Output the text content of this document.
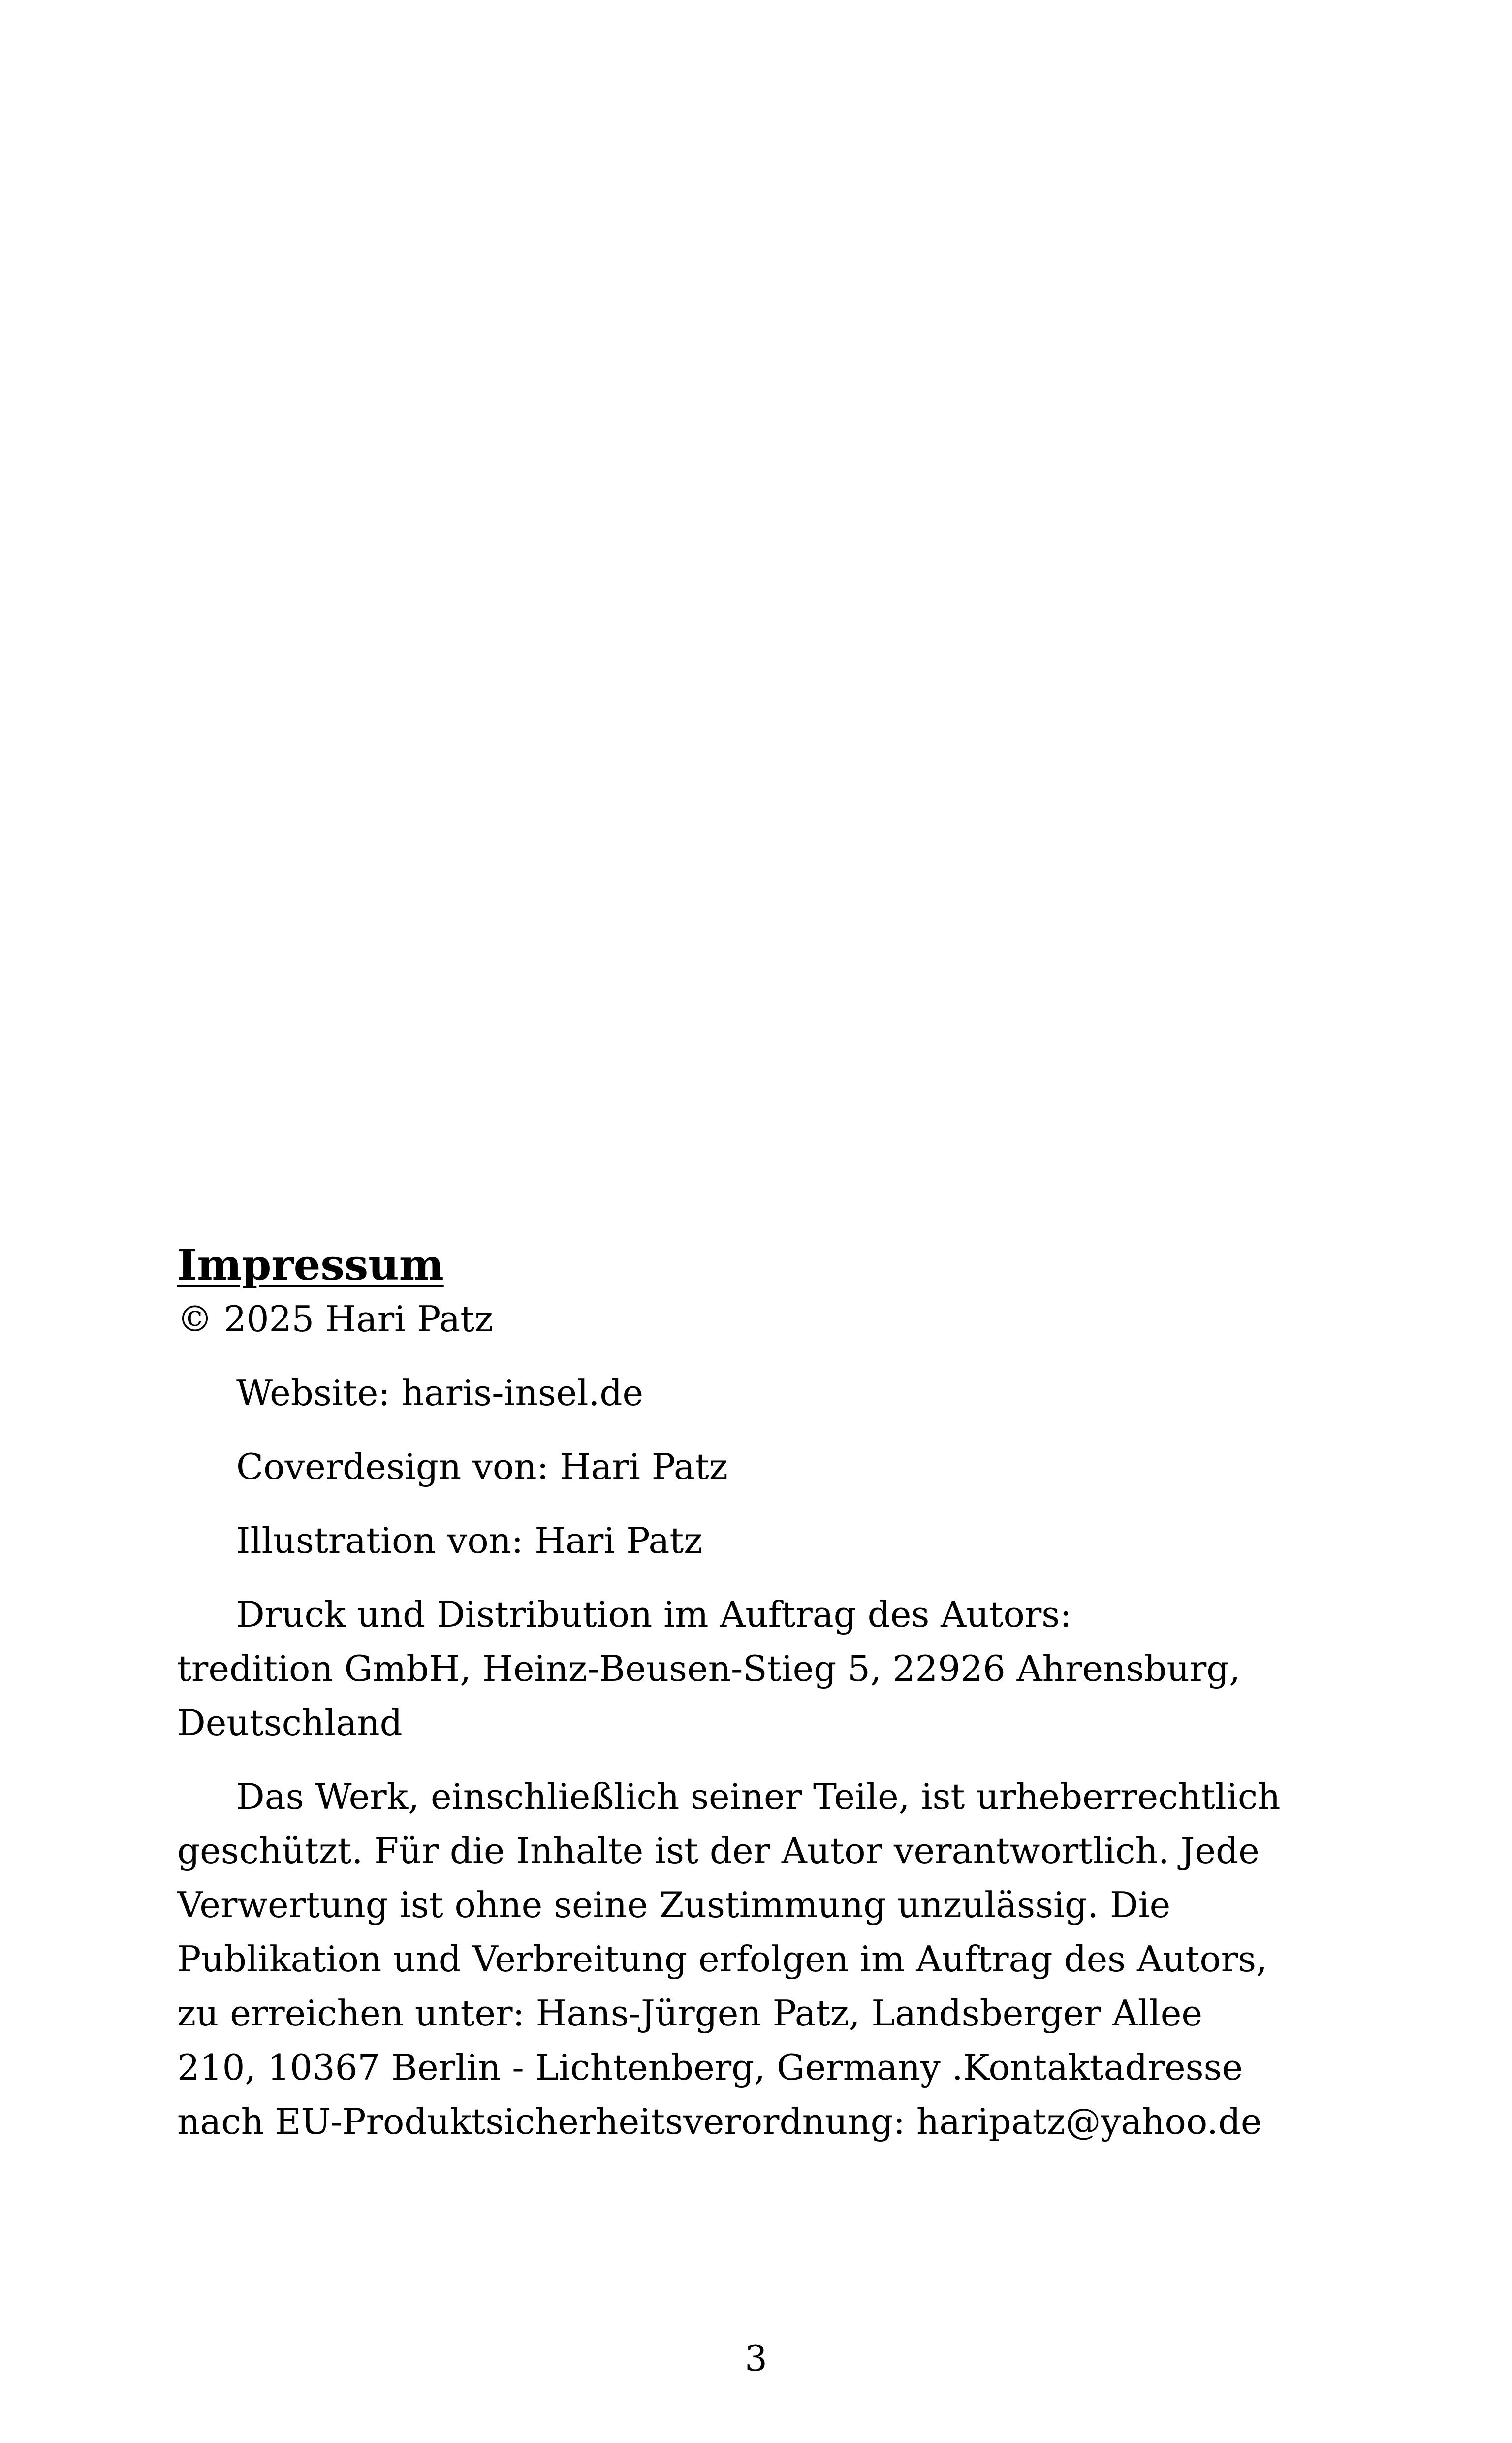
Impressum

© 2025 Hari Patz

Website: haris-insel.de

Coverdesign von: Hari Patz

Illustration von: Hari Patz

Druck und Distribution im Auftrag des Autors:
tredition GmbH, Heinz-Beusen-Stieg 5, 22926 Ahrensburg,
Deutschland
Das Werk, einschließlich seiner Teile, ist urheberrechtlich
geschützt. Für die Inhalte ist der Autor verantwortlich. Jede
Verwertung ist ohne seine Zustimmung unzulässig. Die
Publikation und Verbreitung erfolgen im Auftrag des Autors,
zu erreichen unter: Hans-Jürgen Patz, Landsberger Allee
210, 10367 Berlin - Lichtenberg, Germany .Kontaktadresse
nach EU-Produktsicherheitsverordnung: haripatz@yahoo.de
3
